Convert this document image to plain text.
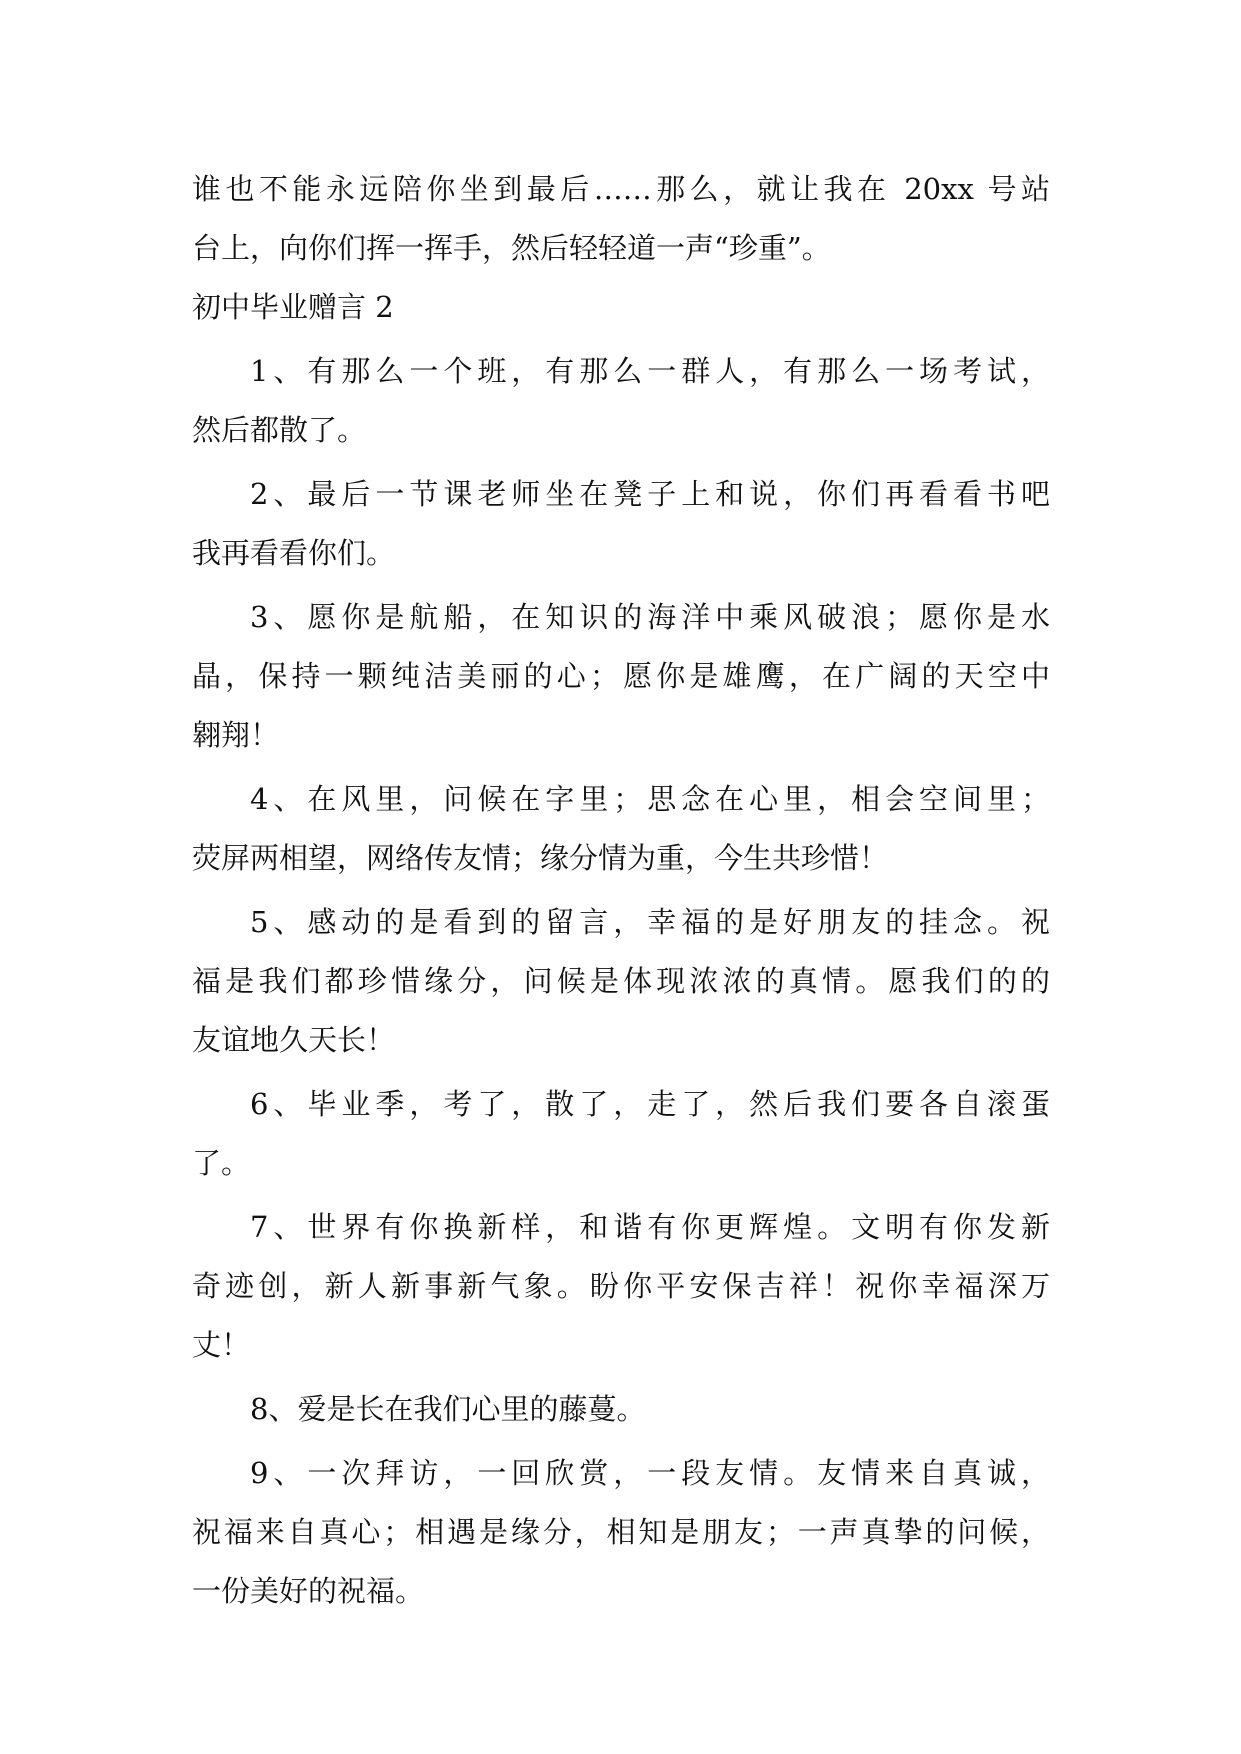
谁也不能永远陪你坐到最后……那么，就让我在 20xx 号站
台上，向你们挥一挥手，然后轻轻道一声“珍重”。
初中毕业赠言 2
1、有那么一个班，有那么一群人，有那么一场考试，
然后都散了。
2、最后一节课老师坐在凳子上和说，你们再看看书吧
我再看看你们。
3、愿你是航船，在知识的海洋中乘风破浪；愿你是水
晶，保持一颗纯洁美丽的心；愿你是雄鹰，在广阔的天空中
翱翔！
4、在风里，问候在字里；思念在心里，相会空间里；
荧屏两相望，网络传友情；缘分情为重，今生共珍惜！
5、感动的是看到的留言，幸福的是好朋友的挂念。祝
福是我们都珍惜缘分，问候是体现浓浓的真情。愿我们的的
友谊地久天长！
6、毕业季，考了，散了，走了，然后我们要各自滚蛋
了。
7、世界有你换新样，和谐有你更辉煌。文明有你发新
奇迹创，新人新事新气象。盼你平安保吉祥！祝你幸福深万
丈！
8、爱是长在我们心里的藤蔓。
9、一次拜访，一回欣赏，一段友情。友情来自真诚，
祝福来自真心；相遇是缘分，相知是朋友；一声真挚的问候，
一份美好的祝福。
